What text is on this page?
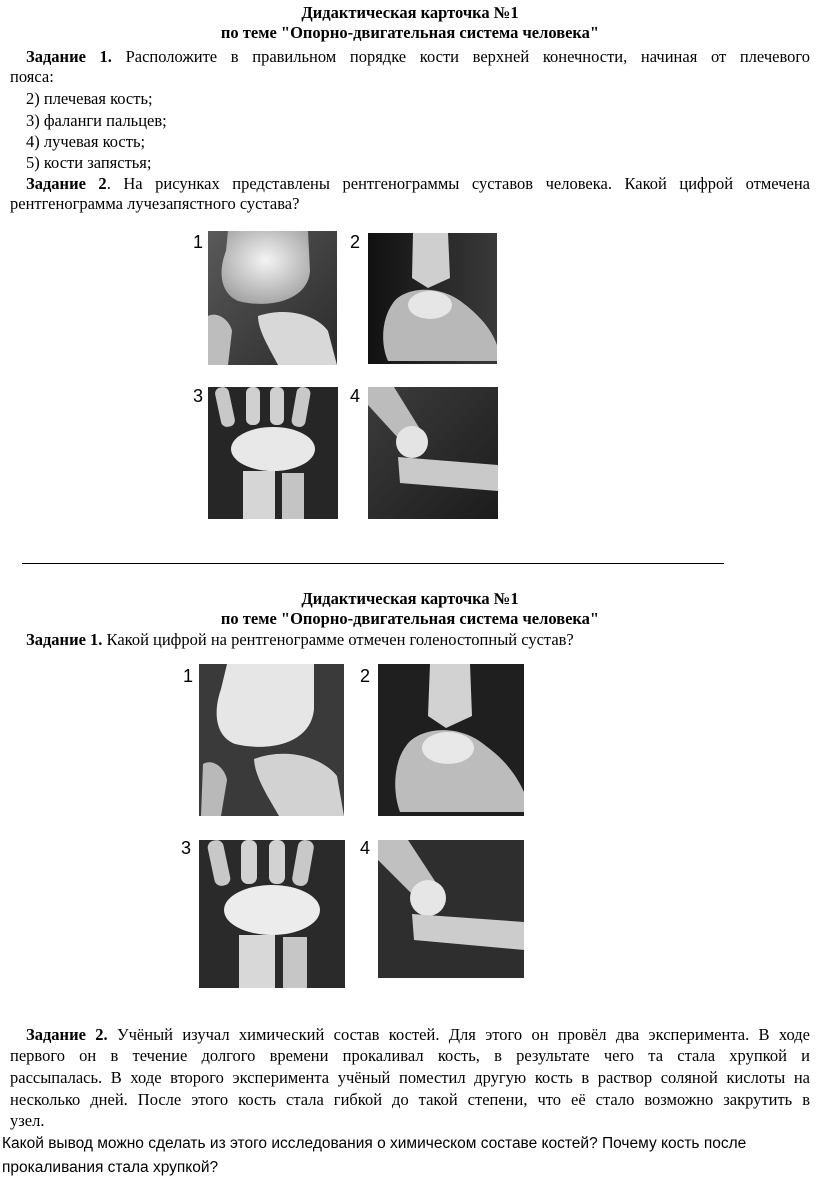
Дидактическая карточка №1
по теме "Опорно-двигательная система человека"
Задание 1. Расположите в правильном порядке кости верхней конечности, начиная от плечевого
пояса:
2) плечевая кость;
3) фаланги пальцев;
4) лучевая кость;
5) кости запястья;
Задание 2. На рисунках представлены рентгенограммы суставов человека. Какой цифрой отмечена
рентгенограмма лучезапястного сустава?
1	2
3	4
Дидактическая карточка №1
по теме "Опорно-двигательная система человека"
Задание 1. Какой цифрой на рентгенограмме отмечен голеностопный сустав?
1	2
3	4
Задание 2. Учёный изучал химический состав костей. Для этого он провёл два эксперимента. В ходе
первого он в течение долгого времени прокаливал кость, в результате чего та стала хрупкой и
рассыпалась. В ходе второго эксперимента учёный поместил другую кость в раствор соляной кислоты на
несколько дней. После этого кость стала гибкой до такой степени, что её стало возможно закрутить в
узел.
Какой вывод можно сделать из этого исследования о химическом составе костей? Почему кость после
прокаливания стала хрупкой?
